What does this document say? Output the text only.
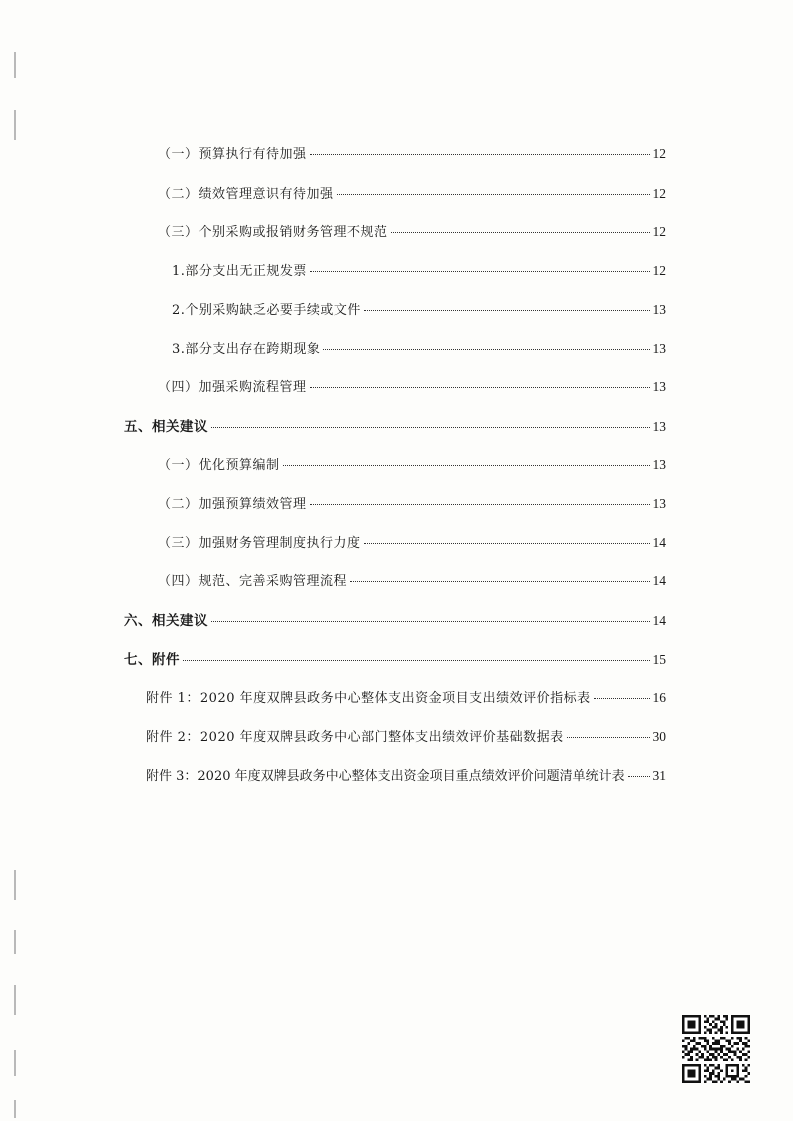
（一）预算执行有待加强	12
（二）绩效管理意识有待加强	12
（三）个别采购或报销财务管理不规范	12
1.部分支出无正规发票	12
2.个别采购缺乏必要手续或文件	13
3.部分支出存在跨期现象	13
（四）加强采购流程管理	13
五、相关建议	13
（一）优化预算编制	13
（二）加强预算绩效管理	13
（三）加强财务管理制度执行力度	14
（四）规范、完善采购管理流程	14
六、相关建议	14
七、附件	15
附件 1：2020 年度双牌县政务中心整体支出资金项目支出绩效评价指标表	16
附件 2：2020 年度双牌县政务中心部门整体支出绩效评价基础数据表	30
附件 3：2020 年度双牌县政务中心整体支出资金项目重点绩效评价问题清单统计表 31
